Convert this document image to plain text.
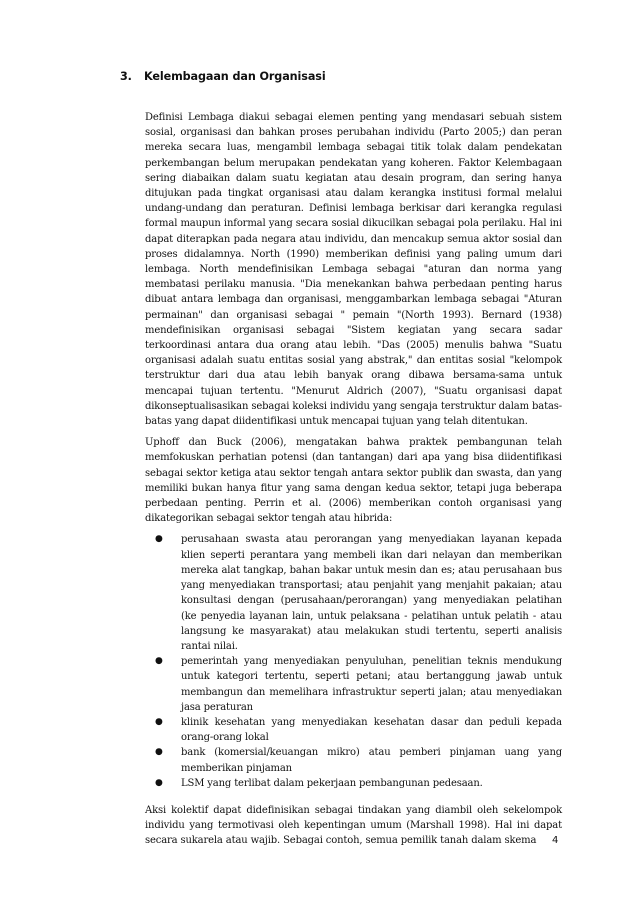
3. Kelembagaan dan Organisasi

Definisi Lembaga diakui sebagai elemen penting yang mendasari sebuah sistem sosial, organisasi dan bahkan proses perubahan individu (Parto 2005;) dan peran mereka secara luas, mengambil lembaga sebagai titik tolak dalam pendekatan perkembangan belum merupakan pendekatan yang koheren. Faktor Kelembagaan sering diabaikan dalam suatu kegiatan atau desain program, dan sering hanya ditujukan pada tingkat organisasi atau dalam kerangka institusi formal melalui undang-undang dan peraturan. Definisi lembaga berkisar dari kerangka regulasi formal maupun informal yang secara sosial dikucilkan sebagai pola perilaku. Hal ini dapat diterapkan pada negara atau individu, dan mencakup semua aktor sosial dan proses didalamnya. North (1990) memberikan definisi yang paling umum dari lembaga. North mendefinisikan Lembaga sebagai "aturan dan norma yang membatasi perilaku manusia. "Dia menekankan bahwa perbedaan penting harus dibuat antara lembaga dan organisasi, menggambarkan lembaga sebagai "Aturan permainan" dan organisasi sebagai " pemain "(North 1993). Bernard (1938) mendefinisikan organisasi sebagai "Sistem kegiatan yang secara sadar terkoordinasi antara dua orang atau lebih. "Das (2005) menulis bahwa "Suatu organisasi adalah suatu entitas sosial yang abstrak," dan entitas sosial "kelompok terstruktur dari dua atau lebih banyak orang dibawa bersama-sama untuk mencapai tujuan tertentu. "Menurut Aldrich (2007), "Suatu organisasi dapat dikonseptualisasikan sebagai koleksi individu yang sengaja terstruktur dalam batas-batas yang dapat diidentifikasi untuk mencapai tujuan yang telah ditentukan.

Uphoff dan Buck (2006), mengatakan bahwa praktek pembangunan telah memfokuskan perhatian potensi (dan tantangan) dari apa yang bisa diidentifikasi sebagai sektor ketiga atau sektor tengah antara sektor publik dan swasta, dan yang memiliki bukan hanya fitur yang sama dengan kedua sektor, tetapi juga beberapa perbedaan penting. Perrin et al. (2006) memberikan contoh organisasi yang dikategorikan sebagai sektor tengah atau hibrida:

● perusahaan swasta atau perorangan yang menyediakan layanan kepada klien seperti perantara yang membeli ikan dari nelayan dan memberikan mereka alat tangkap, bahan bakar untuk mesin dan es; atau perusahaan bus yang menyediakan transportasi; atau penjahit yang menjahit pakaian; atau konsultasi dengan (perusahaan/perorangan) yang menyediakan pelatihan (ke penyedia layanan lain, untuk pelaksana - pelatihan untuk pelatih - atau langsung ke masyarakat) atau melakukan studi tertentu, seperti analisis rantai nilai.
● pemerintah yang menyediakan penyuluhan, penelitian teknis mendukung untuk kategori tertentu, seperti petani; atau bertanggung jawab untuk membangun dan memelihara infrastruktur seperti jalan; atau menyediakan jasa peraturan
● klinik kesehatan yang menyediakan kesehatan dasar dan peduli kepada orang-orang lokal
● bank (komersial/keuangan mikro) atau pemberi pinjaman uang yang memberikan pinjaman
● LSM yang terlibat dalam pekerjaan pembangunan pedesaan.

Aksi kolektif dapat didefinisikan sebagai tindakan yang diambil oleh sekelompok individu yang termotivasi oleh kepentingan umum (Marshall 1998). Hal ini dapat secara sukarela atau wajib. Sebagai contoh, semua pemilik tanah dalam skema	4
